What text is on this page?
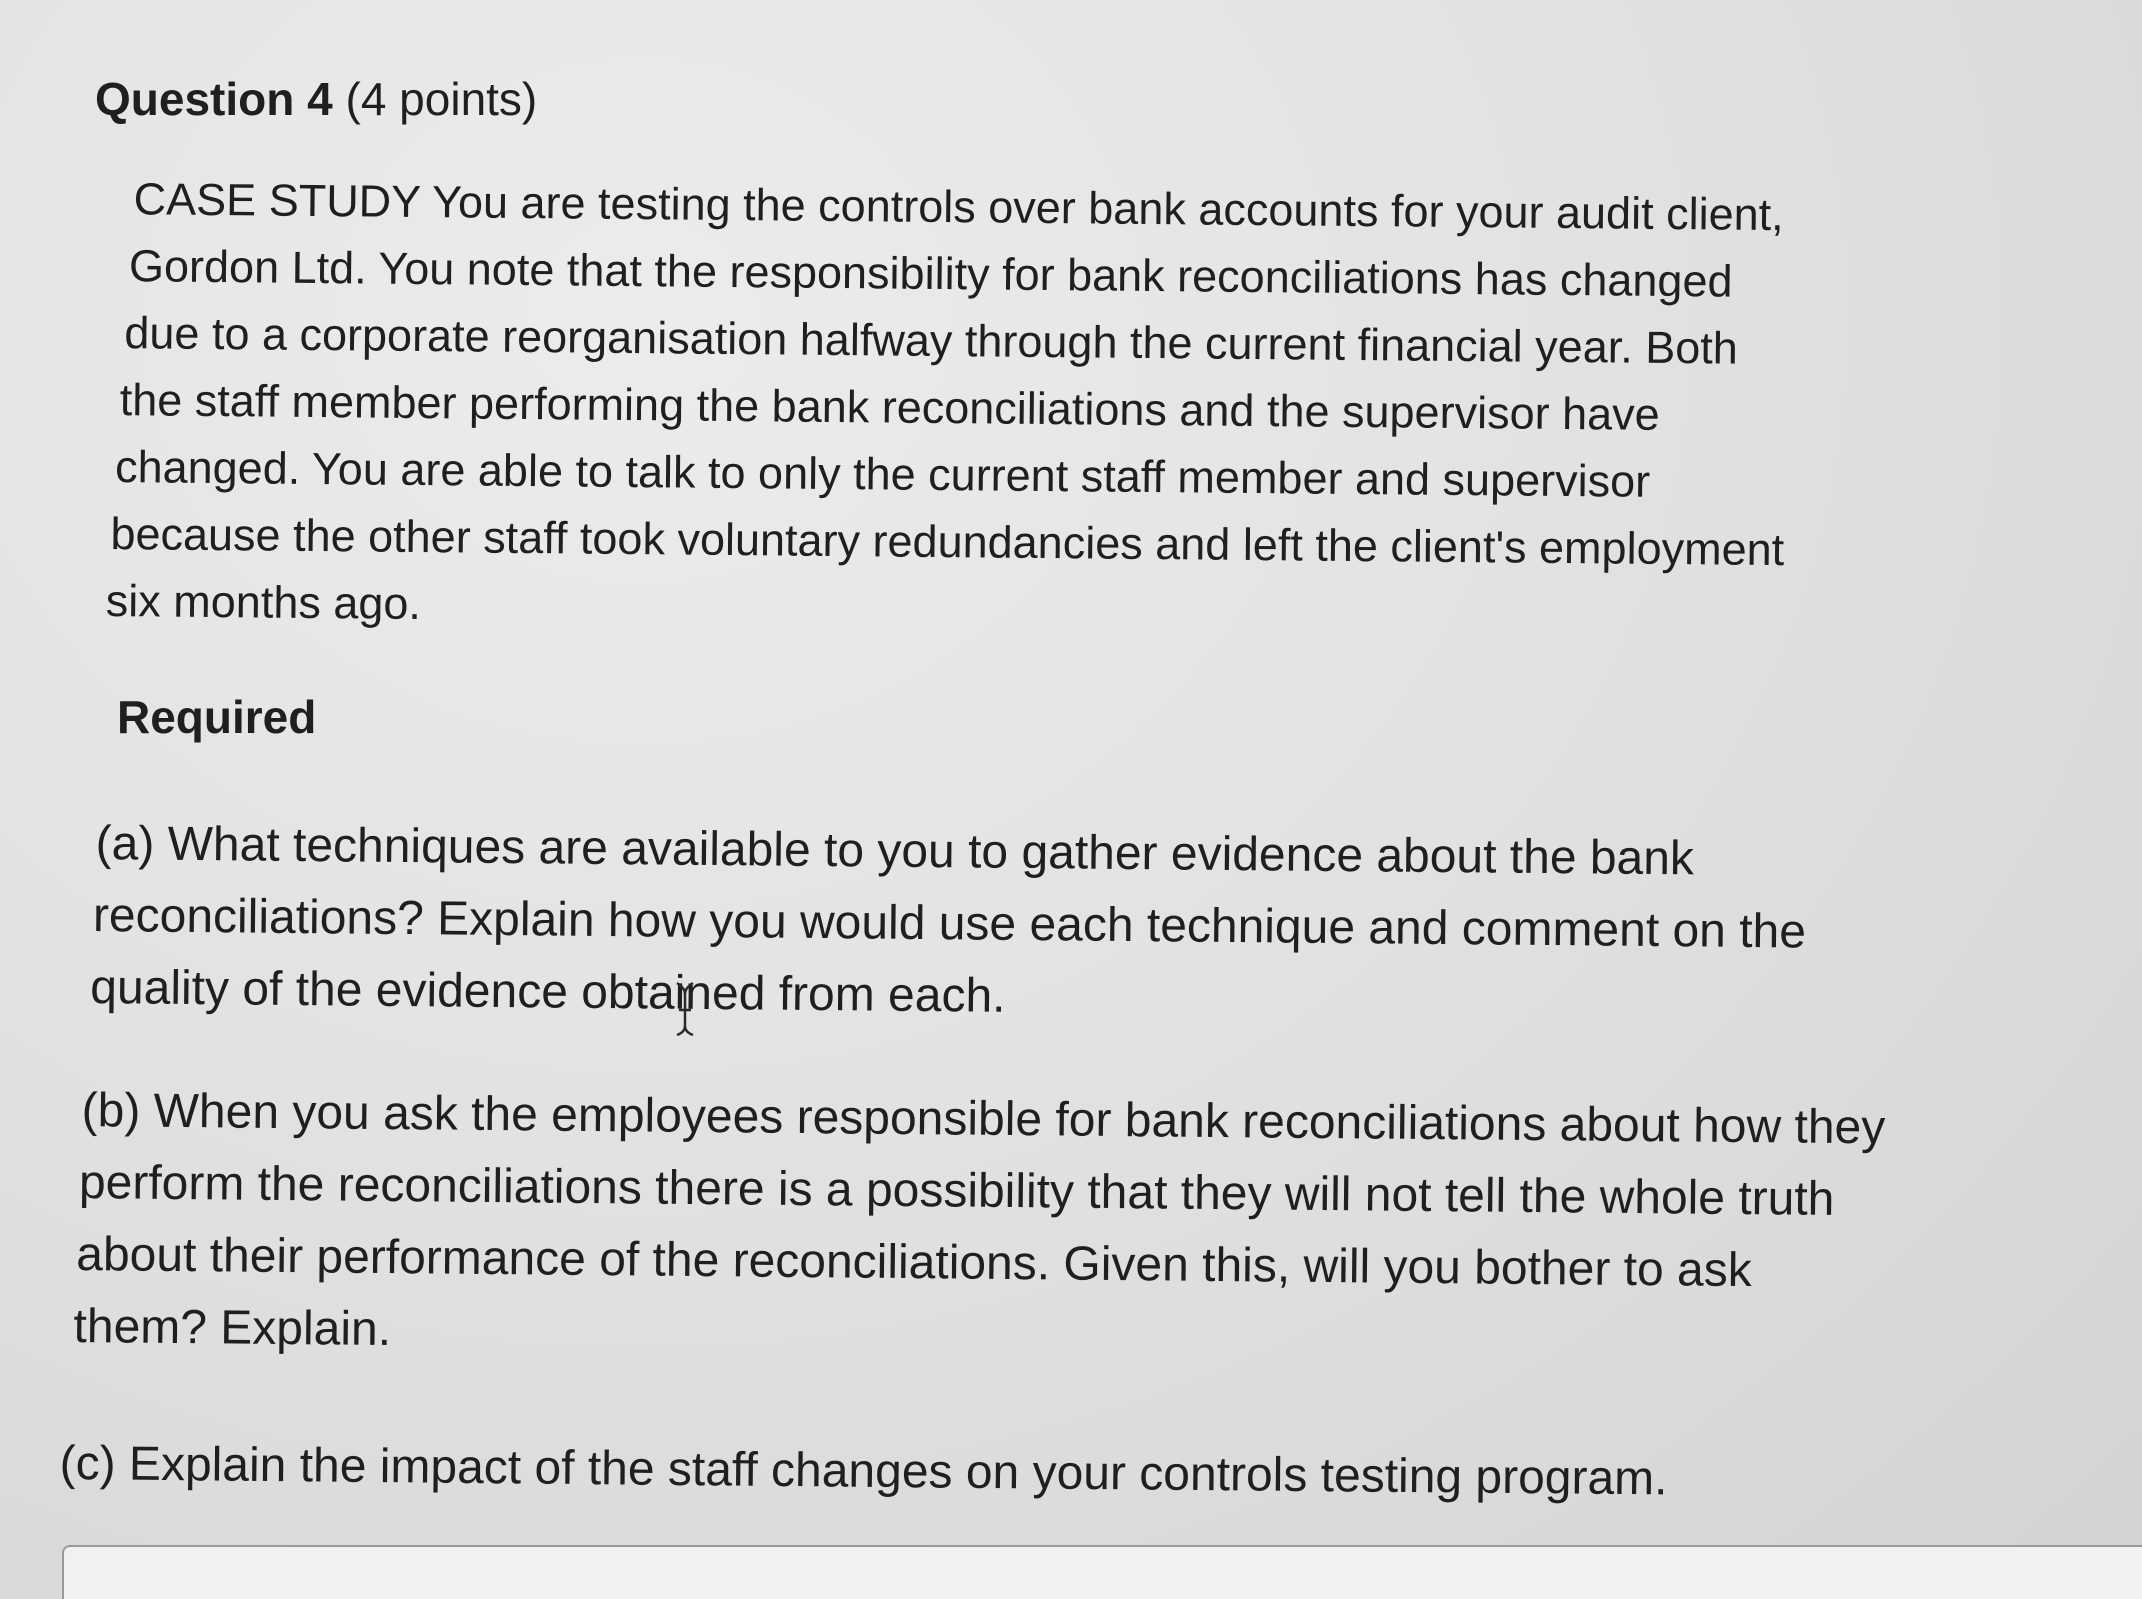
Question 4 (4 points)
CASE STUDY You are testing the controls over bank accounts for your audit client,
Gordon Ltd. You note that the responsibility for bank reconciliations has changed
due to a corporate reorganisation halfway through the current financial year. Both
the staff member performing the bank reconciliations and the supervisor have
changed. You are able to talk to only the current staff member and supervisor
because the other staff took voluntary redundancies and left the client's employment
six months ago.
Required
(a) What techniques are available to you to gather evidence about the bank
reconciliations? Explain how you would use each technique and comment on the
quality of the evidence obtained from each.
(b) When you ask the employees responsible for bank reconciliations about how they
perform the reconciliations there is a possibility that they will not tell the whole truth
about their performance of the reconciliations. Given this, will you bother to ask
them? Explain.
(c) Explain the impact of the staff changes on your controls testing program.
